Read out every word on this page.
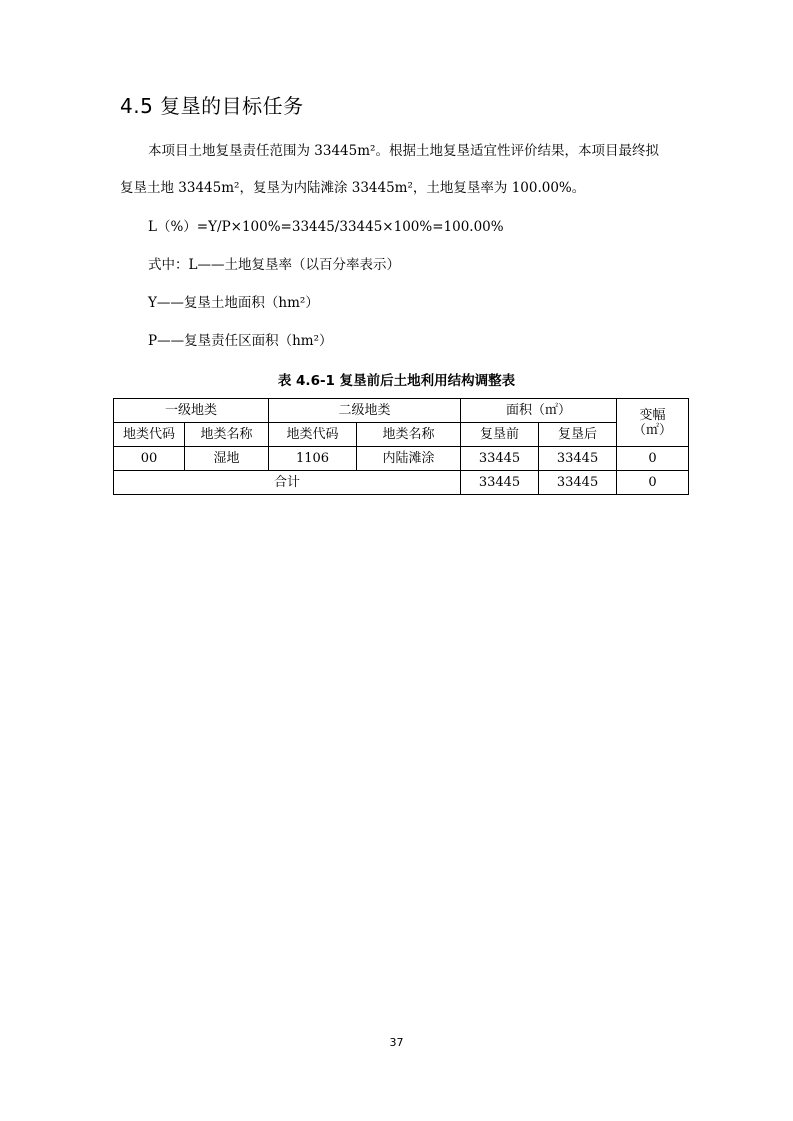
4.5 复垦的目标任务

本项目土地复垦责任范围为 33445m²。根据土地复垦适宜性评价结果，本项目最终拟

复垦土地 33445m²，复垦为内陆滩涂 33445m²，土地复垦率为 100.00%。

L（%）=Y/P×100%=33445/33445×100%=100.00%

式中：L——土地复垦率（以百分率表示）

Y——复垦土地面积（hm²）

P——复垦责任区面积（hm²）

表 4.6-1 复垦前后土地利用结构调整表

一级地类		二级地类		面积（㎡）		变幅
（㎡）

地类代码	地类名称	地类代码	地类名称	复垦前	复垦后	
00	湿地	1106	内陆滩涂	33445	33445	0
合计				33445	33445	0
37
